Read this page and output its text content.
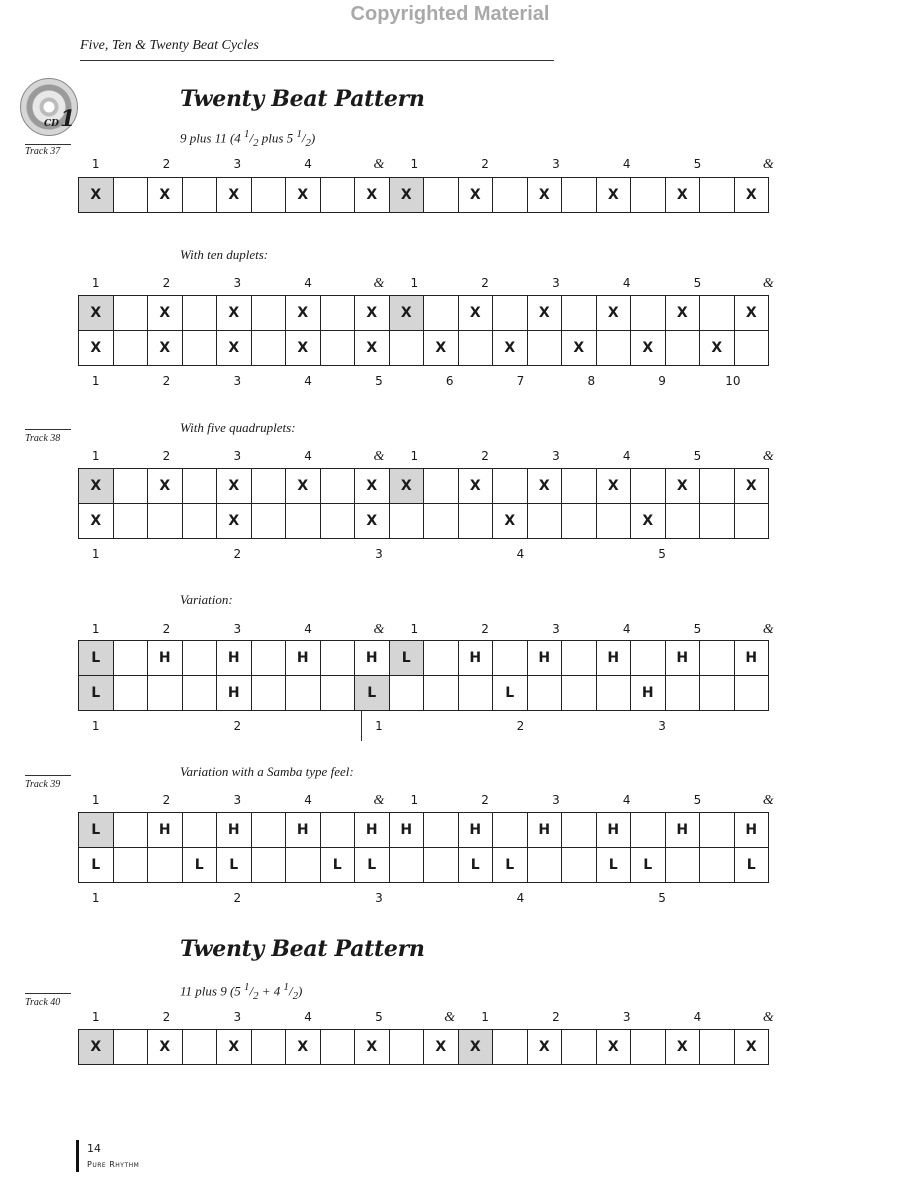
Copyrighted Material
Five, Ten & Twenty Beat Cycles
CD1
Twenty Beat Pattern
9 plus 11 (4 $^1/_2$ plus 5 $^1/_2$)
Track 37
With ten duplets:
Track 38
With five quadruplets:
Variation:
Track 39
Variation with a Samba type feel:
Twenty Beat Pattern
11 plus 9 (5 $^1/_2 + 4$ $^1/_2$)
Track 40
1	2	3	4	& 1	2	3	4	5	&
X		X		X		X		X	X		X		X		X		X		X
1	2	3	4	& 1	2	3	4	5	&
X		X		X		X		X	X		X		X		X		X		X
X		X		X		X		X		X		X		X		X		X	
1	2	3	4	5	6	7	8	9	10
1	2	3	4	& 1	2	3	4	5	&
X		X		X		X		X	X		X		X		X		X		X
X				X				X				X				X			
1	2	3	4	5
1	2	3	4	& 1	2	3	4	5	&
L		H		H		H		H	L		H		H		H		H		H
L				H				L				L				H			
1	2	1	2	3
1	2	3	4	& 1	2	3	4	5	&
L		H		H		H		H	H		H		H		H		H		H
L			L	L			L	L			L	L			L	L			L
1	2	3	4	5
1	2	3	4	5	& 1	2	3	4	&
X		X		X		X		X		X	X		X		X		X		X
14
Pure Rhythm
